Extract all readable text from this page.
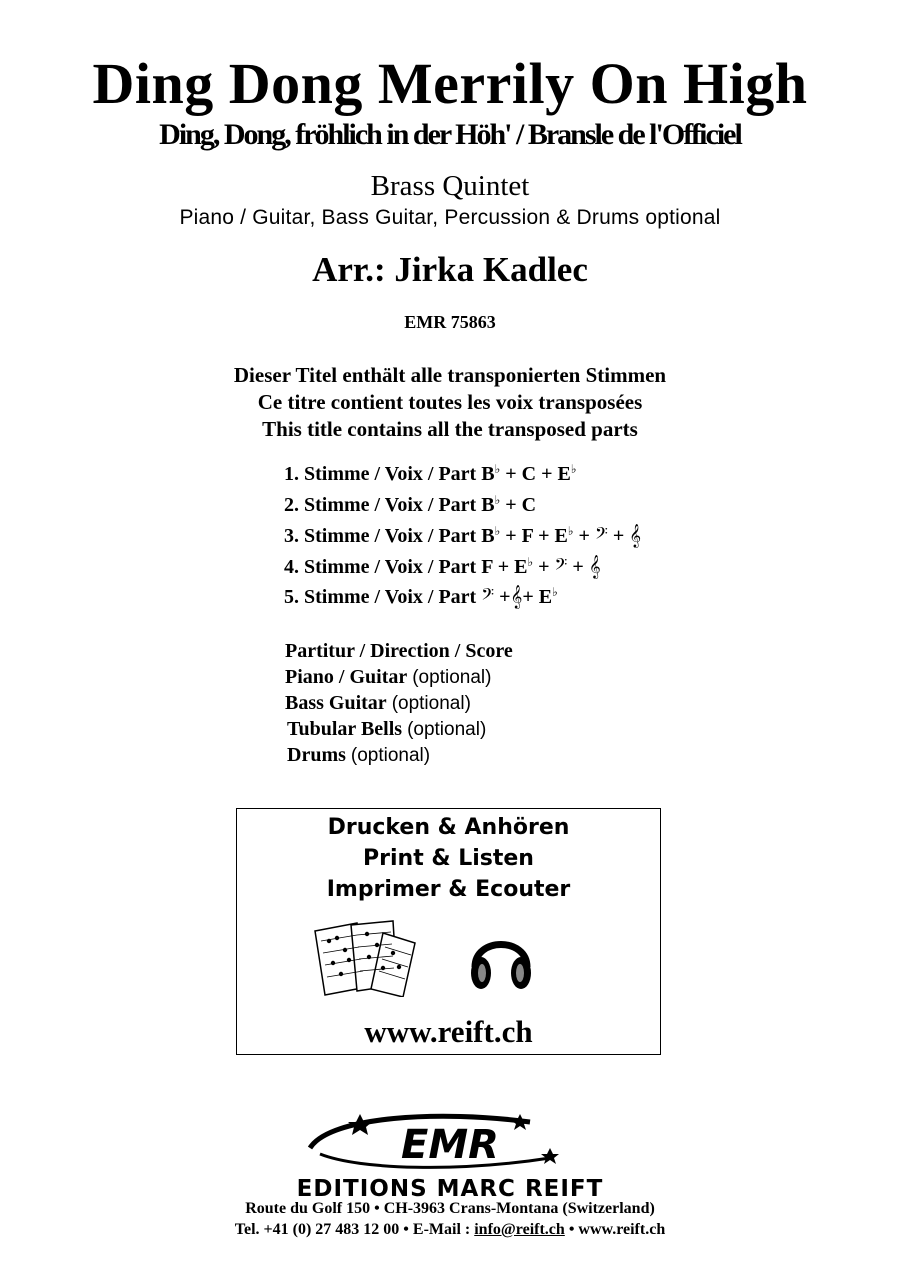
Ding Dong Merrily On High
Ding, Dong, fröhlich in der Höh' / Bransle de l'Officiel
Brass Quintet
Piano / Guitar, Bass Guitar, Percussion & Drums optional
Arr.: Jirka Kadlec
EMR 75863
Dieser Titel enthält alle transponierten Stimmen
Ce titre contient toutes les voix transposées
This title contains all the transposed parts
1. Stimme / Voix / Part B♭ + C + E♭
2. Stimme / Voix / Part B♭ + C
3. Stimme / Voix / Part B♭ + F + E♭ + 𝄢 + 𝄞
4. Stimme / Voix / Part F + E♭ + 𝄢 + 𝄞
5. Stimme / Voix / Part 𝄢 +𝄞+ E♭
Partitur / Direction / Score
Piano / Guitar (optional)
Bass Guitar (optional)
Tubular Bells (optional)
Drums (optional)
Drucken & Anhören
Print & Listen
Imprimer & Ecouter
www.reift.ch
EMR
EDITIONS MARC REIFT
Route du Golf 150 • CH-3963 Crans-Montana (Switzerland)
Tel. +41 (0) 27 483 12 00 • E-Mail : info@reift.ch • www.reift.ch
